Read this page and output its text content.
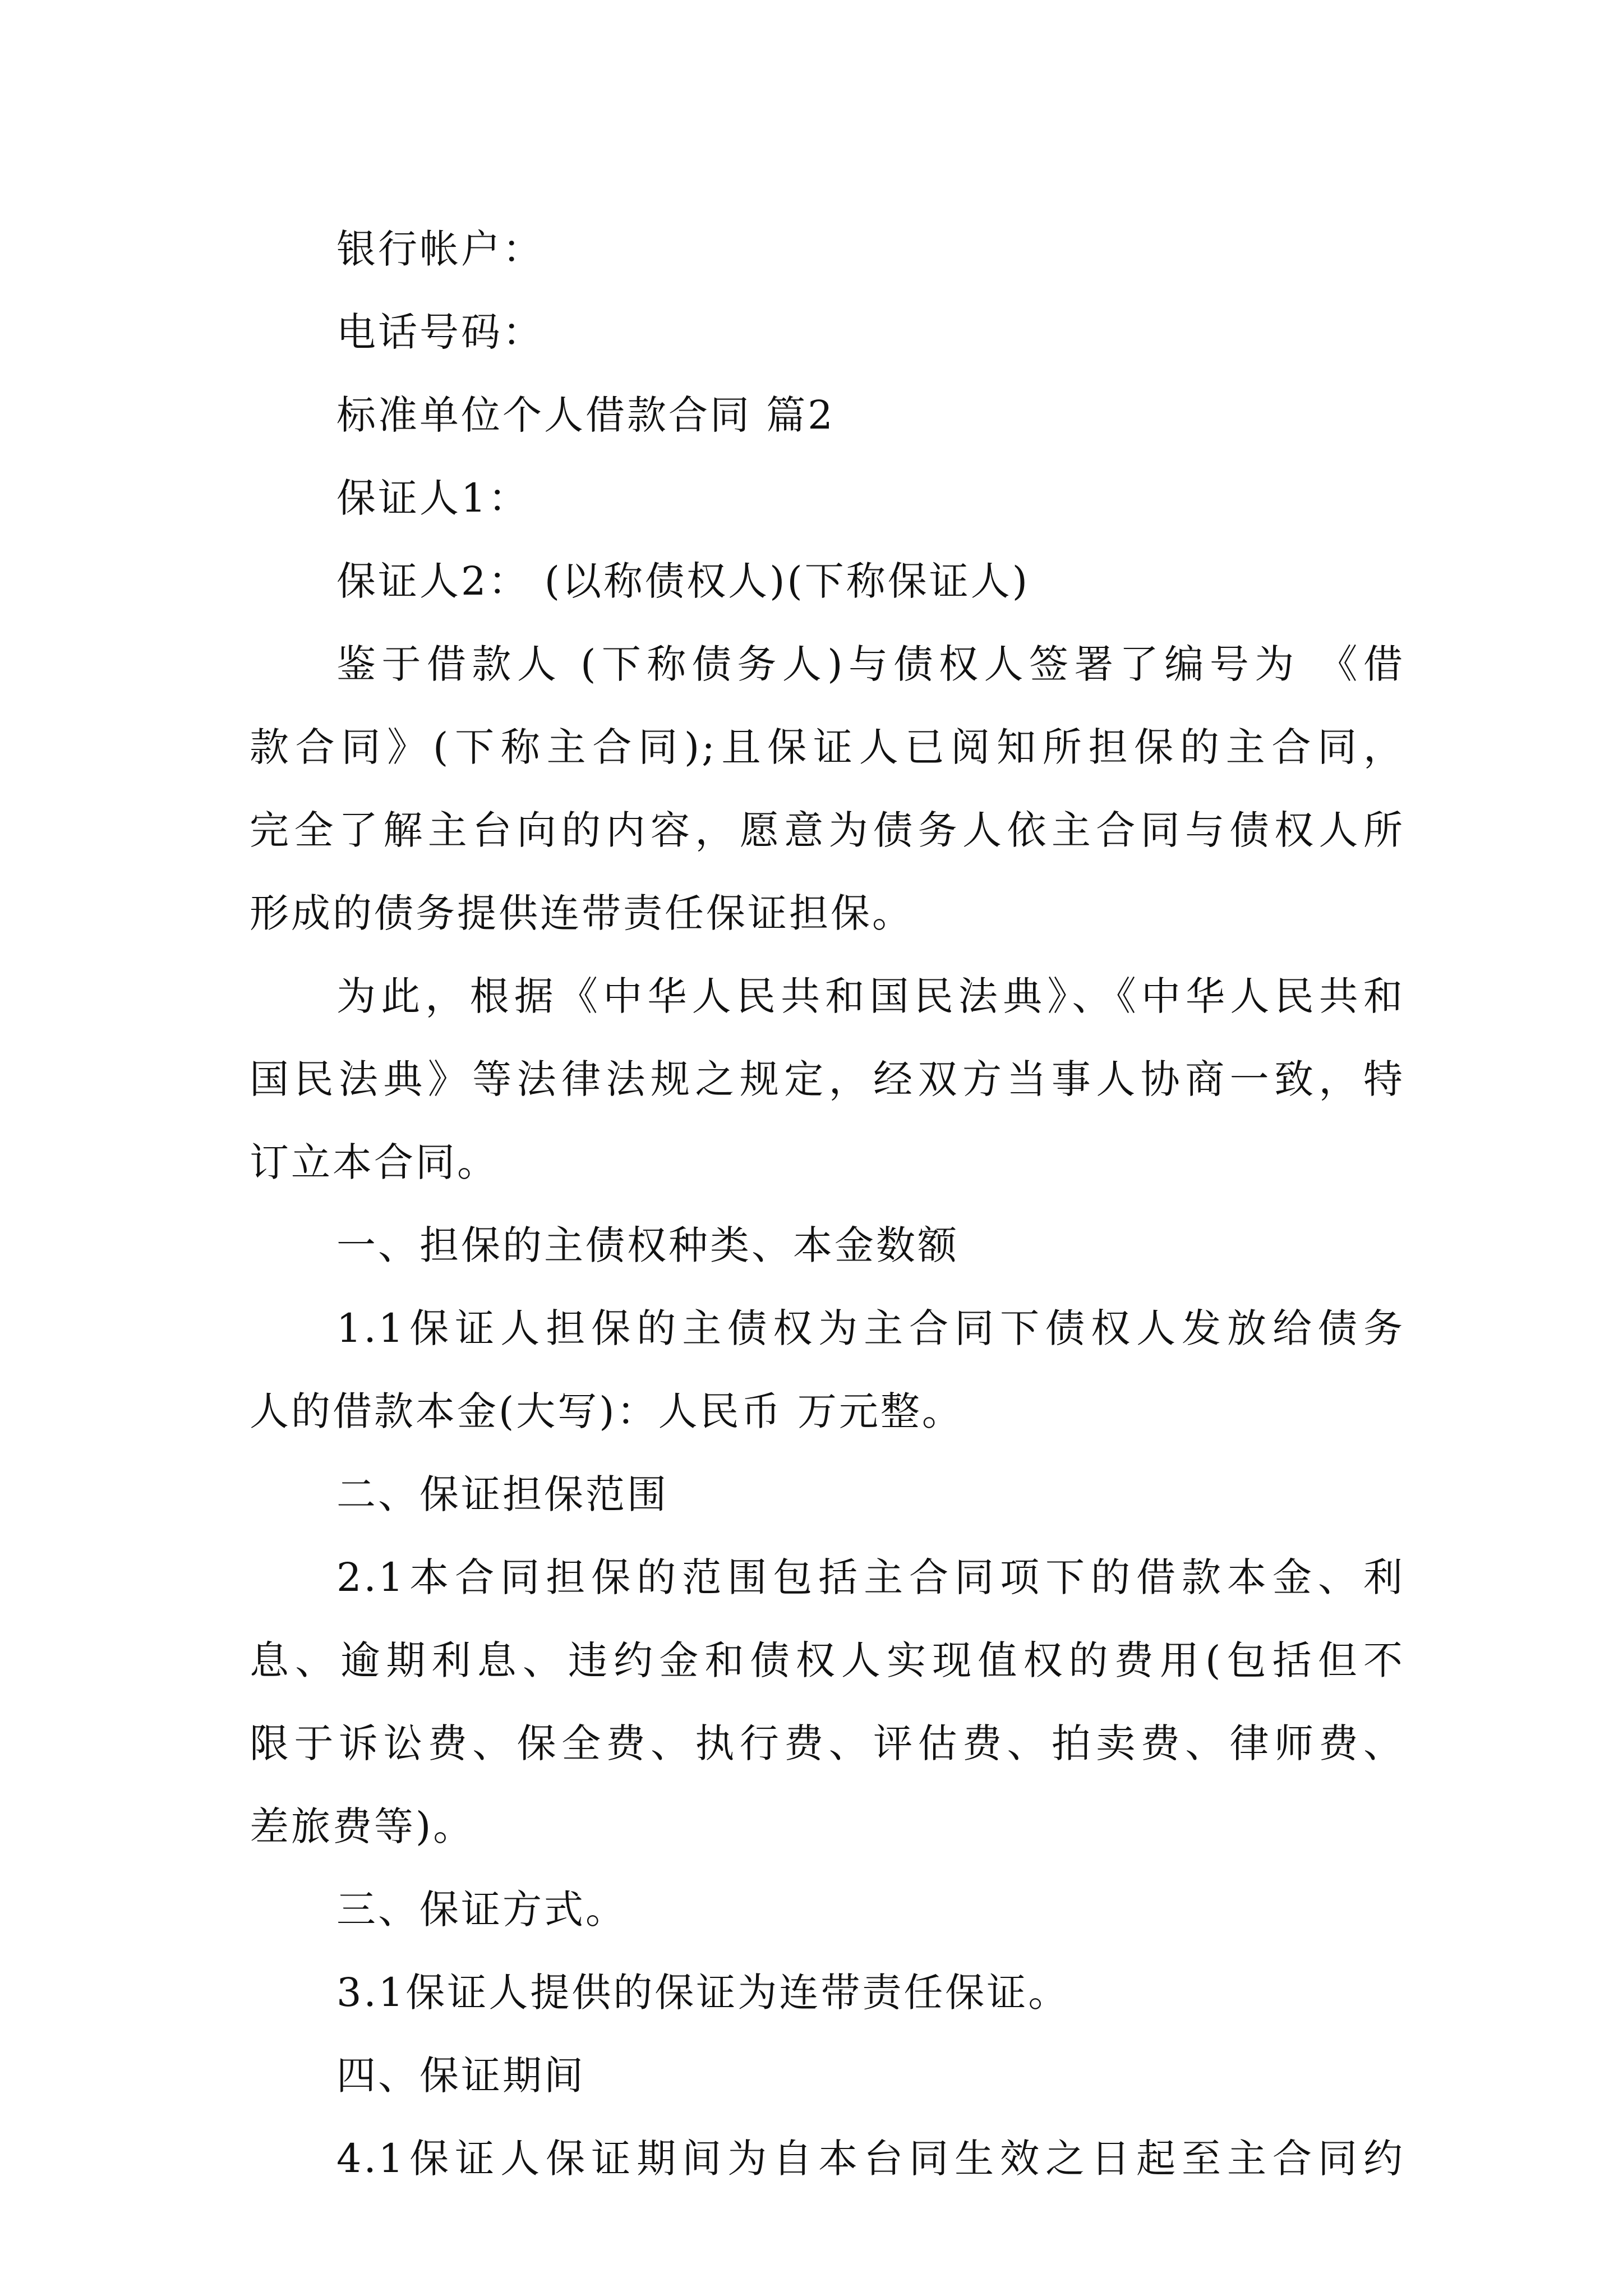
银行帐户：
电话号码：
标准单位个人借款合同 篇2
保证人1：
保证人2： (以称债权人)(下称保证人)
鉴于借款人 (下称债务人)与债权人签署了编号为 《借
款合同》(下称主合同);且保证人已阅知所担保的主合同，
完全了解主台向的内容，愿意为债务人依主合同与债权人所
形成的债务提供连带责任保证担保。
为此，根据《中华人民共和国民法典》、《中华人民共和
国民法典》等法律法规之规定，经双方当事人协商一致，特
订立本合同。
一、担保的主债权种类、本金数额
1.1保证人担保的主债权为主合同下债权人发放给债务
人的借款本金(大写)：人民币 万元整。
二、保证担保范围
2.1本合同担保的范围包括主合同项下的借款本金、利
息、逾期利息、违约金和债权人实现值权的费用(包括但不
限于诉讼费、保全费、执行费、评估费、拍卖费、律师费、
差旅费等)。
三、保证方式。
3.1保证人提供的保证为连带责任保证。
四、保证期间
4.1保证人保证期间为自本台同生效之日起至主合同约
